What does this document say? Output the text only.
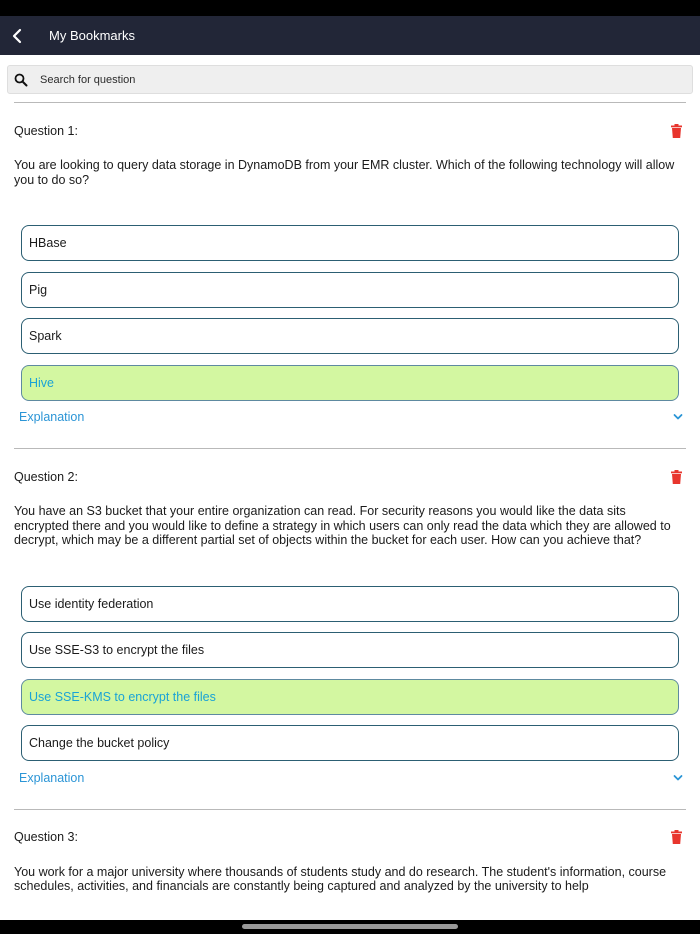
My Bookmarks
Search for question
Question 1:

You are looking to query data storage in DynamoDB from your EMR cluster. Which of the following technology will allow you to do so?

HBase
Pig
Spark
Hive
Explanation
Question 2:

You have an S3 bucket that your entire organization can read. For security reasons you would like the data sits encrypted there and you would like to define a strategy in which users can only read the data which they are allowed to decrypt, which may be a different partial set of objects within the bucket for each user. How can you achieve that?

Use identity federation
Use SSE-S3 to encrypt the files
Use SSE-KMS to encrypt the files
Change the bucket policy
Explanation
Question 3:

You work for a major university where thousands of students study and do research. The student's information, course schedules, activities, and financials are constantly being captured and analyzed by the university to help
